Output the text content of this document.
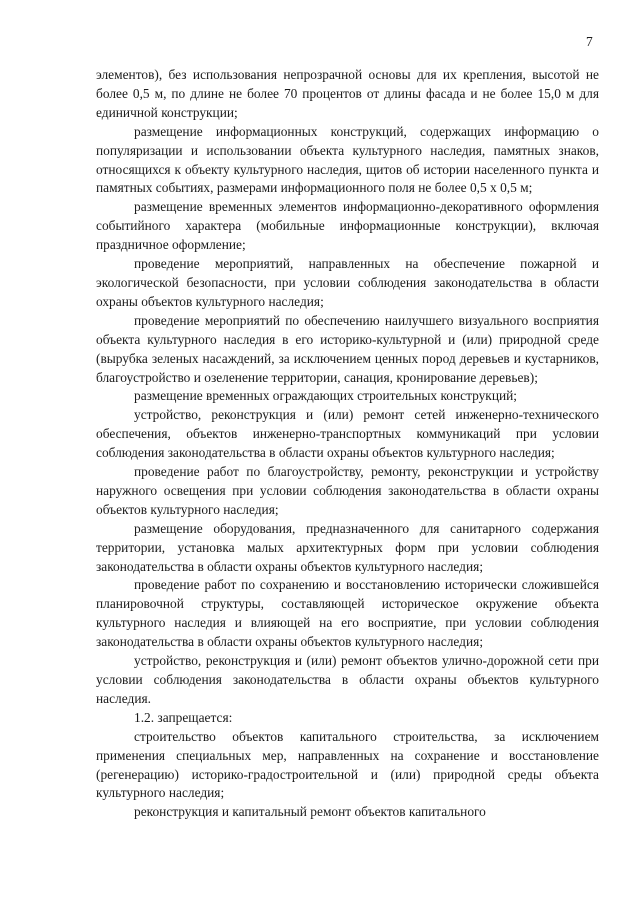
7

элементов), без использования непрозрачной основы для их крепления, высотой не более 0,5 м, по длине не более 70 процентов от длины фасада и не более 15,0 м для единичной конструкции;

размещение информационных конструкций, содержащих информацию о популяризации и использовании объекта культурного наследия, памятных знаков, относящихся к объекту культурного наследия, щитов об истории населенного пункта и памятных событиях, размерами информационного поля не более 0,5 х 0,5 м;

размещение временных элементов информационно-декоративного оформления событийного характера (мобильные информационные конструкции), включая праздничное оформление;

проведение мероприятий, направленных на обеспечение пожарной и экологической безопасности, при условии соблюдения законодательства в области охраны объектов культурного наследия;

проведение мероприятий по обеспечению наилучшего визуального восприятия объекта культурного наследия в его историко-культурной и (или) природной среде (вырубка зеленых насаждений, за исключением ценных пород деревьев и кустарников, благоустройство и озеленение территории, санация, кронирование деревьев);

размещение временных ограждающих строительных конструкций;

устройство, реконструкция и (или) ремонт сетей инженерно-технического обеспечения, объектов инженерно-транспортных коммуникаций при условии соблюдения законодательства в области охраны объектов культурного наследия;

проведение работ по благоустройству, ремонту, реконструкции и устройству наружного освещения при условии соблюдения законодательства в области охраны объектов культурного наследия;

размещение оборудования, предназначенного для санитарного содержания территории, установка малых архитектурных форм при условии соблюдения законодательства в области охраны объектов культурного наследия;

проведение работ по сохранению и восстановлению исторически сложившейся планировочной структуры, составляющей историческое окружение объекта культурного наследия и влияющей на его восприятие, при условии соблюдения законодательства в области охраны объектов культурного наследия;

устройство, реконструкция и (или) ремонт объектов улично-дорожной сети при условии соблюдения законодательства в области охраны объектов культурного наследия.

1.2. запрещается:

строительство объектов капитального строительства, за исключением применения специальных мер, направленных на сохранение и восстановление (регенерацию) историко-градостроительной и (или) природной среды объекта культурного наследия;

реконструкция и капитальный ремонт объектов капитального
